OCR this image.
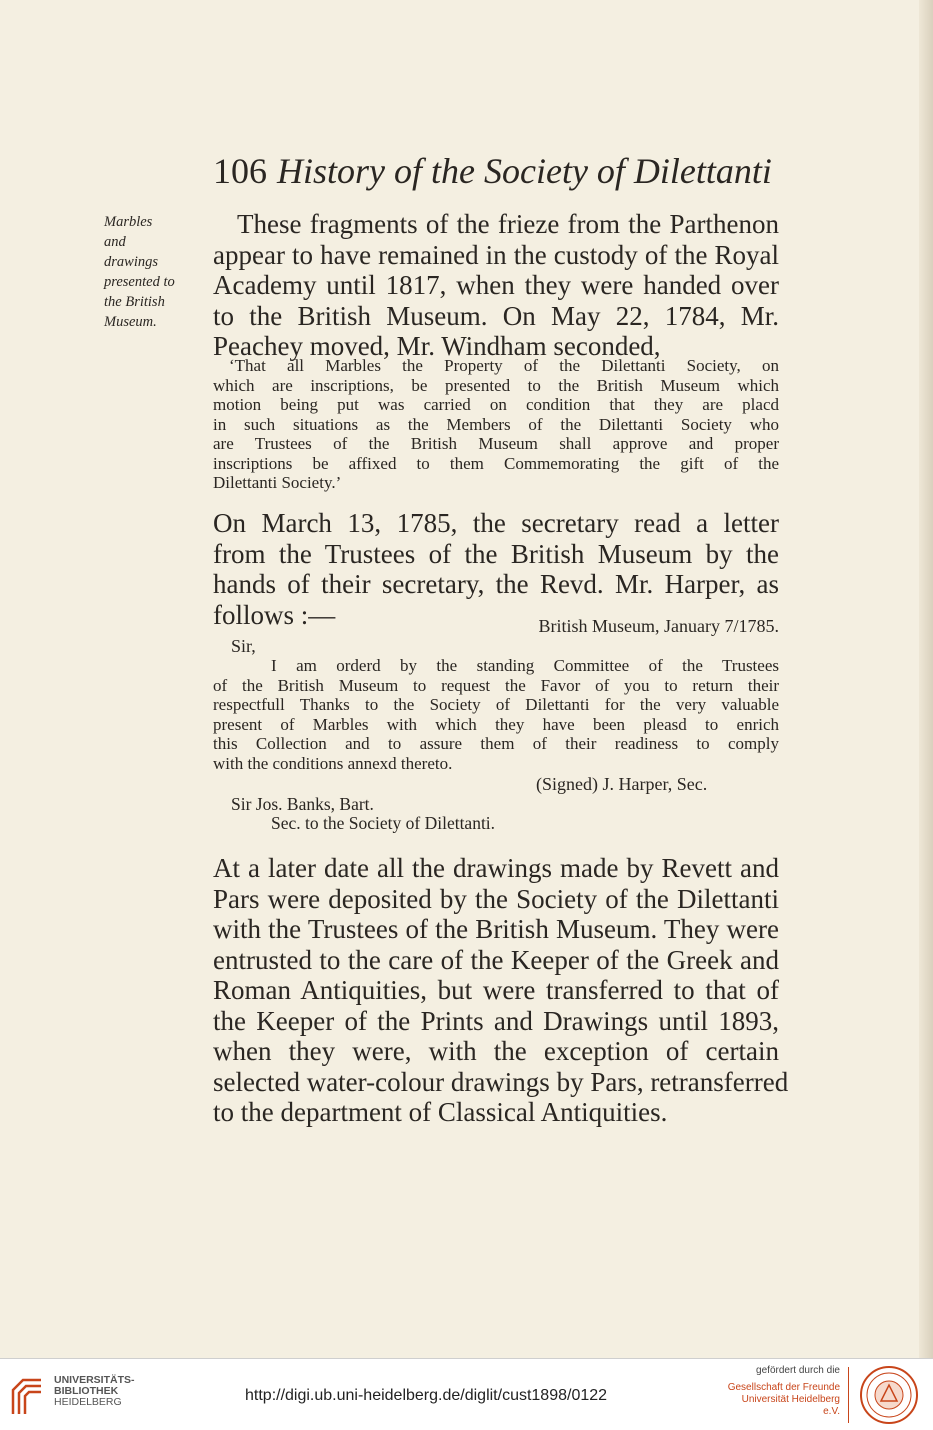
106 History of the Society of Dilettanti
Marbles
and
drawings
presented to
the British
Museum.
These fragments of the frieze from the Parthenon
appear to have remained in the custody of the Royal
Academy until 1817, when they were handed over
to the British Museum. On May 22, 1784, Mr.
Peachey moved, Mr. Windham seconded,
‘That all Marbles the Property of the Dilettanti Society, on
which are inscriptions, be presented to the British Museum which
motion being put was carried on condition that they are placd
in such situations as the Members of the Dilettanti Society who
are Trustees of the British Museum shall approve and proper
inscriptions be affixed to them Commemorating the gift of the
Dilettanti Society.’
On March 13, 1785, the secretary read a letter
from the Trustees of the British Museum by the
hands of their secretary, the Revd. Mr. Harper, as
follows :—	British Museum, January 7/1785.
Sir,
I am orderd by the standing Committee of the Trustees
of the British Museum to request the Favor of you to return their
respectfull Thanks to the Society of Dilettanti for the very valuable
present of Marbles with which they have been pleasd to enrich
this Collection and to assure them of their readiness to comply
with the conditions annexd thereto.
(Signed) J. Harper, Sec.
Sir Jos. Banks, Bart.
Sec. to the Society of Dilettanti.
At a later date all the drawings made by Revett and
Pars were deposited by the Society of the Dilettanti
with the Trustees of the British Museum. They were
entrusted to the care of the Keeper of the Greek and
Roman Antiquities, but were transferred to that of
the Keeper of the Prints and Drawings until 1893,
when they were, with the exception of certain
selected water-colour drawings by Pars, retransferred
to the department of Classical Antiquities.
UNIVERSITÄTS-
BIBLIOTHEK
HEIDELBERG	http://digi.ub.uni-heidelberg.de/diglit/cust1898/0122
gefördert durch die
Gesellschaft der Freunde
Universität Heidelberg e.V.
